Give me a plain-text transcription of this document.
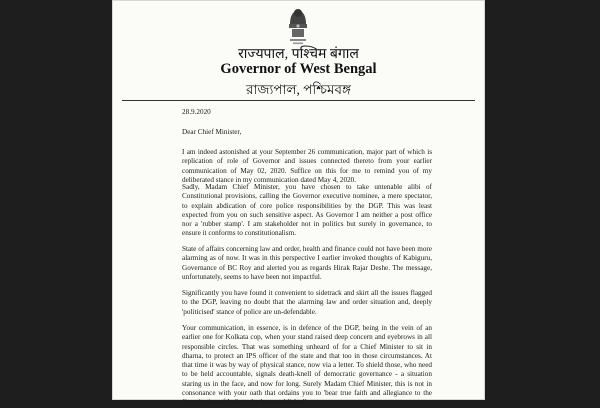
राज्यपाल, पश्चिम बंगाल
Governor of West Bengal
রাজ্যপাল, পশ্চিমবঙ্গ
28.9.2020
Dear Chief Minister,
I am indeed astonished at your September 26 communication, major part of which is replication of role of Governor and issues connected thereto from your earlier communication of May 02, 2020. Suffice on this for me to remind you of my deliberated stance in my communication dated May 4, 2020.
Sadly, Madam Chief Minister, you have chosen to take untenable alibi of Constitutional provisions, calling the Governor executive nominee, a mere spectator, to explain abdication of core police responsibilities by the DGP. This was least expected from you on such sensitive aspect. As Governor I am neither a post office nor a 'rubber stamp'. I am stakeholder not in politics but surely in governance, to ensure it conforms to constitutionalism.
State of affairs concerning law and order, health and finance could not have been more alarming as of now. It was in this perspective I earlier invoked thoughts of Kabiguru, Governance of BC Roy and alerted you as regards Hirak Rajar Deshe. The message, unfortunately, seems to have been not impactful.
Significantly you have found it convenient to sidetrack and skirt all the issues flagged to the DGP, leaving no doubt that the alarming law and order situation and, deeply 'politicised' stance of police are un-defendable.
Your communication, in essence, is in defence of the DGP, being in the vein of an earlier one for Kolkata cop, when your stand raised deep concern and eyebrows in all responsible circles. That was something unheard of for a Chief Minister to sit in dharna, to protect an IPS officer of the state and that too in those circumstances. At that time it was by way of physical stance, now via a letter. To shield those, who need to be held accountable, signals death-knell of democratic governance - a situation staring us in the face, and now for long. Surely Madam Chief Minister, this is not in consonance with your oath that ordains you to 'bear true faith and allegiance to the Constitution of India as by law established'.
